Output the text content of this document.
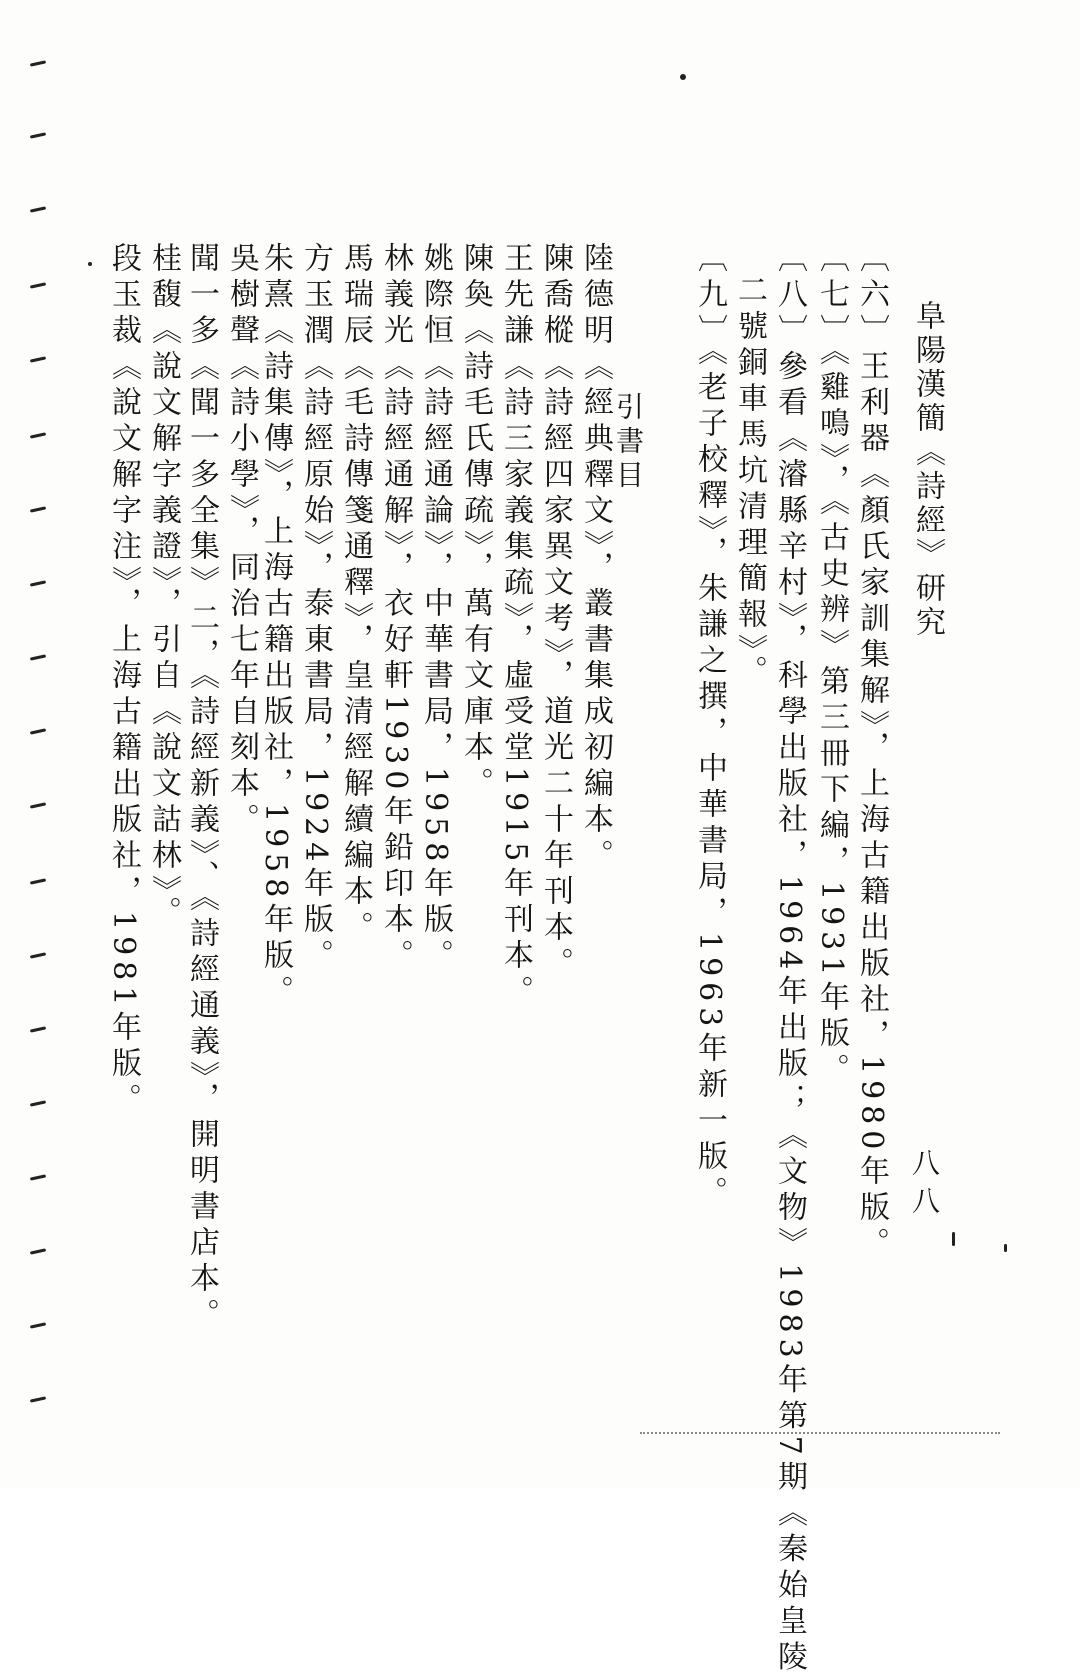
阜陽漢簡《詩經》研究
八八
〔六〕王利器《顏氏家訓集解》，上海古籍出版社，1980年版。
〔七〕《雞鳴》，《古史辨》第三冊下編，1931年版。
〔八〕參看《濬縣辛村》，科學出版社，1964年出版；《文物》1983年第7期《秦始皇陵
二號銅車馬坑清理簡報》。
〔九〕《老子校釋》，朱謙之撰，中華書局，1963年新一版。
引書目
陸德明《經典釋文》，叢書集成初編本。
陳喬樅《詩經四家異文考》，道光二十年刊本。
王先謙《詩三家義集疏》，虛受堂1915年刊本。
陳奐《詩毛氏傳疏》，萬有文庫本。
姚際恒《詩經通論》，中華書局，1958年版。
林義光《詩經通解》，衣好軒1930年鉛印本。
馬瑞辰《毛詩傳箋通釋》，皇清經解續編本。
方玉潤《詩經原始》，泰東書局，1924年版。
朱熹《詩集傳》，上海古籍出版社，1958年版。
吳樹聲《詩小學》，同治七年自刻本。
聞一多《聞一多全集》二，《詩經新義》、《詩經通義》，開明書店本。
桂馥《說文解字義證》，引自《說文詁林》。
段玉裁《說文解字注》，上海古籍出版社，1981年版。
